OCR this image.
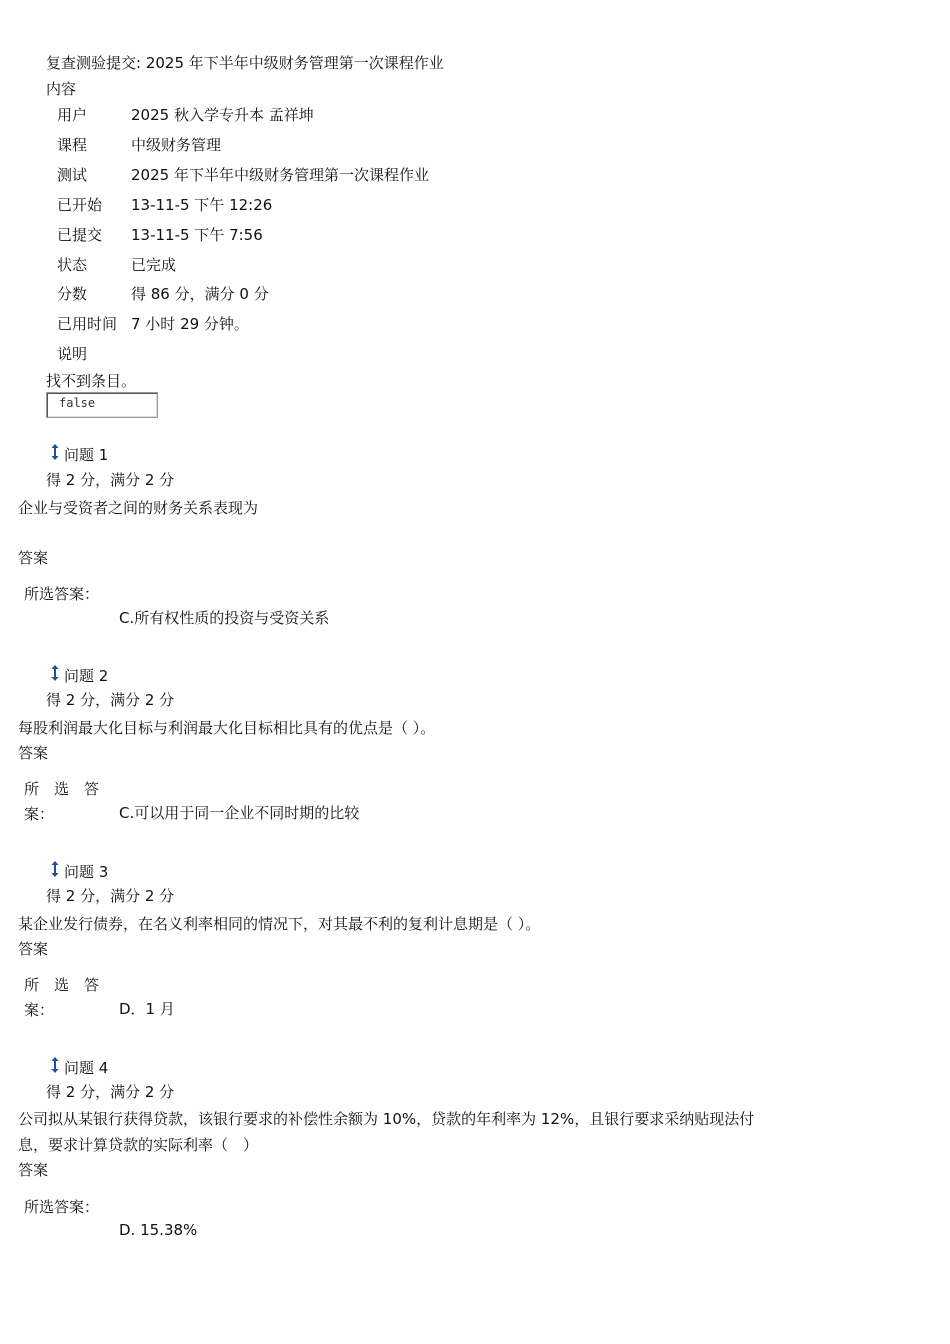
复查测验提交: 2025 年下半年中级财务管理第一次课程作业
内容
用户	2025 秋入学专升本 孟祥坤
课程	中级财务管理
测试	2025 年下半年中级财务管理第一次课程作业
已开始 13-11-5 下午 12:26
已提交 13-11-5 下午 7:56
状态	已完成
分数	得 86 分，满分 0 分
已用时间 7 小时 29 分钟。
说明
找不到条目。
false
问题 1
得 2 分，满分 2 分
企业与受资者之间的财务关系表现为
答案
所选答案：
C.所有权性质的投资与受资关系
问题 2
得 2 分，满分 2 分
每股利润最大化目标与利润最大化目标相比具有的优点是（ ）。
答案
所　选　答
案：	C.可以用于同一企业不同时期的比较
问题 3
得 2 分，满分 2 分
某企业发行债券，在名义利率相同的情况下，对其最不利的复利计息期是（ ）。
答案
所　选　答
案：	D．1 月
问题 4
得 2 分，满分 2 分
公司拟从某银行获得贷款，该银行要求的补偿性余额为 10%，贷款的年利率为 12%，且银行要求采纳贴现法付
息，要求计算贷款的实际利率（　）
答案
所选答案：
D. 15.38%
